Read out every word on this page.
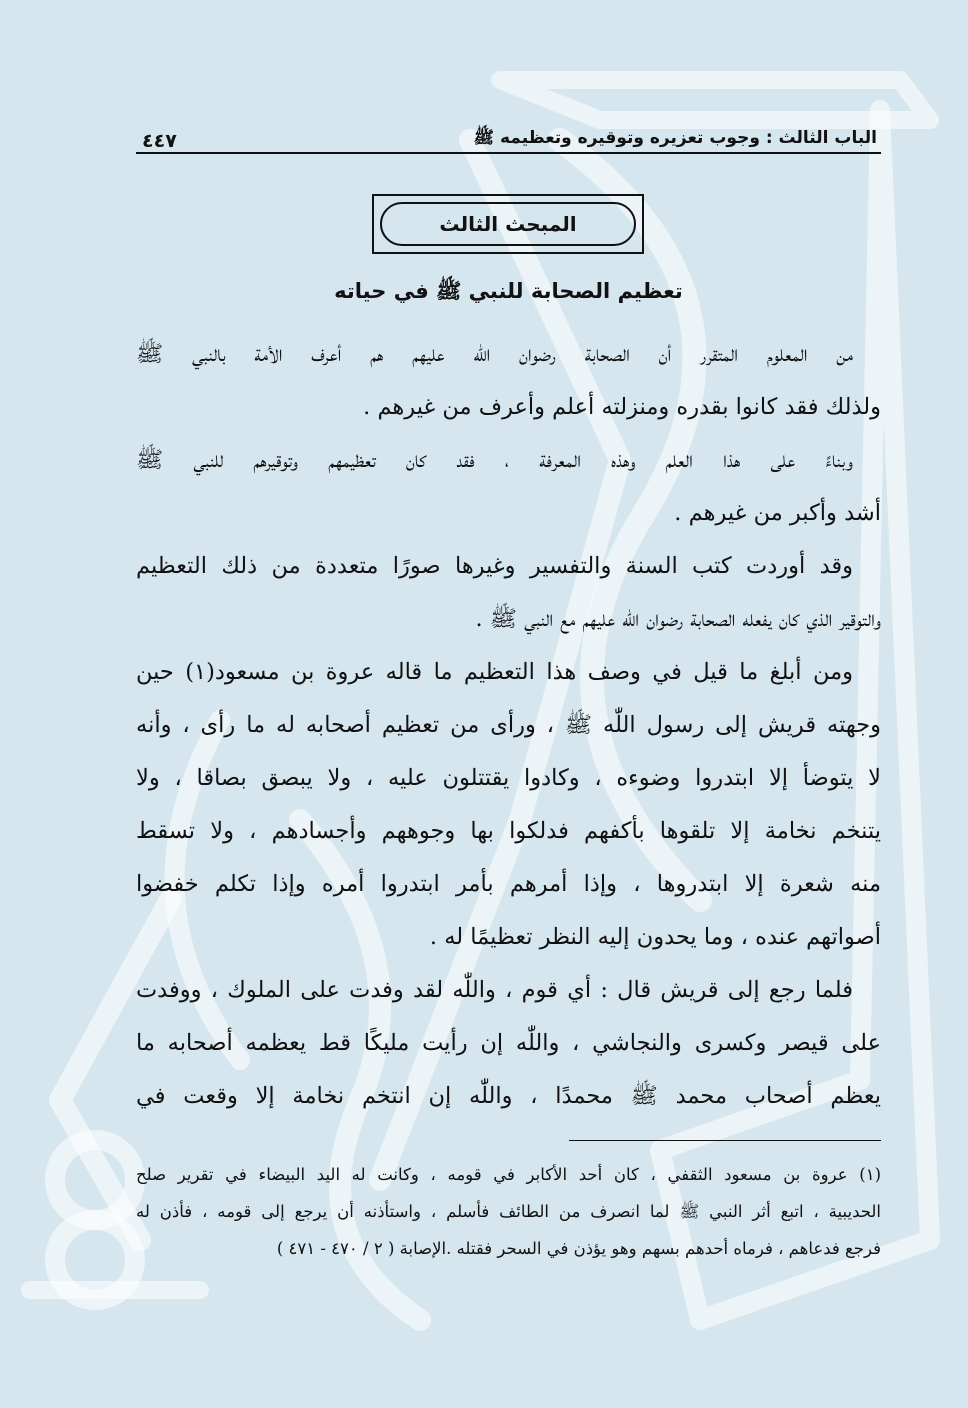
الباب الثالث : وجوب تعزيره وتوقيره وتعظيمه ﷺ
٤٤٧
المبحث الثالث
تعظيم الصحابة للنبي ﷺ في حياته
من المعلوم المتقرر أن الصحابة رضوان اللّٰه عليهم هم أعرف الأمة بالنبي ﷺ
ولذلك فقد كانوا بقدره ومنزلته أعلم وأعرف من غيرهم .
وبناءً على هذا العلم وهذه المعرفة ، فقد كان تعظيمهم وتوقيرهم للنبي ﷺ
أشد وأكبر من غيرهم .
وقد أوردت كتب السنة والتفسير وغيرها صورًا متعددة من ذلك التعظيم
والتوقير الذي كان يفعله الصحابة رضوان اللّٰه عليهم مع النبي ﷺ .
ومن أبلغ ما قيل في وصف هذا التعظيم ما قاله عروة بن مسعود(١) حين
وجهته قريش إلى رسول اللّٰه ﷺ ، ورأى من تعظيم أصحابه له ما رأى ، وأنه
لا يتوضأ إلا ابتدروا وضوءه ، وكادوا يقتتلون عليه ، ولا يبصق بصاقا ، ولا
يتنخم نخامة إلا تلقوها بأكفهم فدلكوا بها وجوههم وأجسادهم ، ولا تسقط
منه شعرة إلا ابتدروها ، وإذا أمرهم بأمر ابتدروا أمره وإذا تكلم خفضوا
أصواتهم عنده ، وما يحدون إليه النظر تعظيمًا له .
فلما رجع إلى قريش قال : أي قوم ، واللّٰه لقد وفدت على الملوك ، ووفدت
على قيصر وكسرى والنجاشي ، واللّٰه إن رأيت مليكًا قط يعظمه أصحابه ما
يعظم أصحاب محمد ﷺ محمدًا ، واللّٰه إن انتخم نخامة إلا وقعت في
(١) عروة بن مسعود الثقفي ، كان أحد الأكابر في قومه ، وكانت له اليد البيضاء في تقرير صلح
الحديبية ، اتبع أثر النبي ﷺ لما انصرف من الطائف فأسلم ، واستأذنه أن يرجع إلى قومه ، فأذن له
فرجع فدعاهم ، فرماه أحدهم بسهم وهو يؤذن في السحر فقتله .الإصابة ( ٢ / ٤٧٠ - ٤٧١ )
